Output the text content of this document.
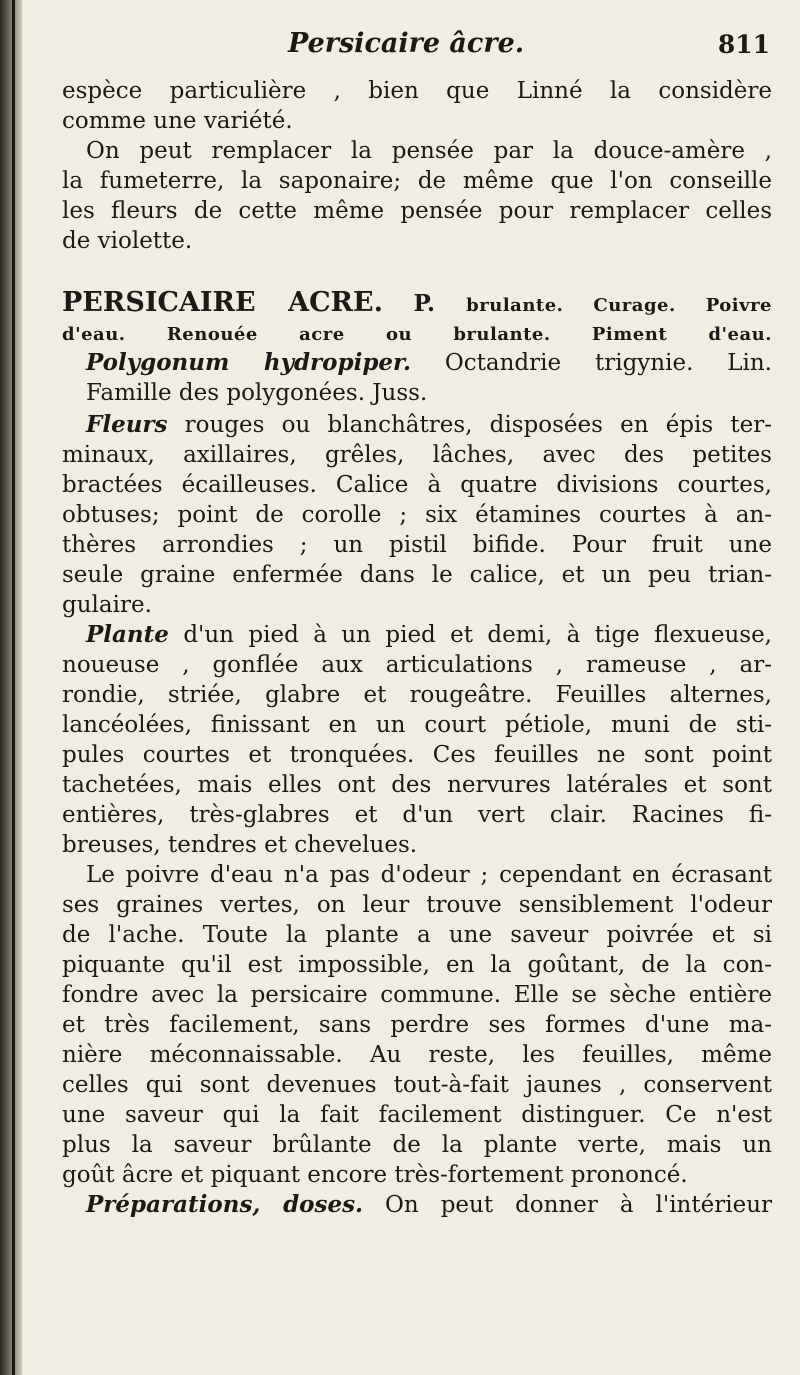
Persicaire âcre.	811
espèce particulière , bien que Linné la considère
comme une variété.
On peut remplacer la pensée par la douce-amère ,
la fumeterre, la saponaire; de même que l'on conseille
les fleurs de cette même pensée pour remplacer celles
de violette.
PERSICAIRE ACRE. P. brulante. Curage. Poivre
d'eau. Renouée acre ou brulante. Piment d'eau.
Polygonum hydropiper. Octandrie trigynie. Lin.
Famille des polygonées. Juss.
Fleurs rouges ou blanchâtres, disposées en épis ter-
minaux, axillaires, grêles, lâches, avec des petites
bractées écailleuses. Calice à quatre divisions courtes,
obtuses; point de corolle ; six étamines courtes à an-
thères arrondies ; un pistil bifide. Pour fruit une
seule graine enfermée dans le calice, et un peu trian-
gulaire.
Plante d'un pied à un pied et demi, à tige flexueuse,
noueuse , gonflée aux articulations , rameuse , ar-
rondie, striée, glabre et rougeâtre. Feuilles alternes,
lancéolées, finissant en un court pétiole, muni de sti-
pules courtes et tronquées. Ces feuilles ne sont point
tachetées, mais elles ont des nervures latérales et sont
entières, très-glabres et d'un vert clair. Racines fi-
breuses, tendres et chevelues.
Le poivre d'eau n'a pas d'odeur ; cependant en écrasant
ses graines vertes, on leur trouve sensiblement l'odeur
de l'ache. Toute la plante a une saveur poivrée et si
piquante qu'il est impossible, en la goûtant, de la con-
fondre avec la persicaire commune. Elle se sèche entière
et très facilement, sans perdre ses formes d'une ma-
nière méconnaissable. Au reste, les feuilles, même
celles qui sont devenues tout-à-fait jaunes , conservent
une saveur qui la fait facilement distinguer. Ce n'est
plus la saveur brûlante de la plante verte, mais un
goût âcre et piquant encore très-fortement prononcé.
Préparations, doses. On peut donner à l'intérieur
